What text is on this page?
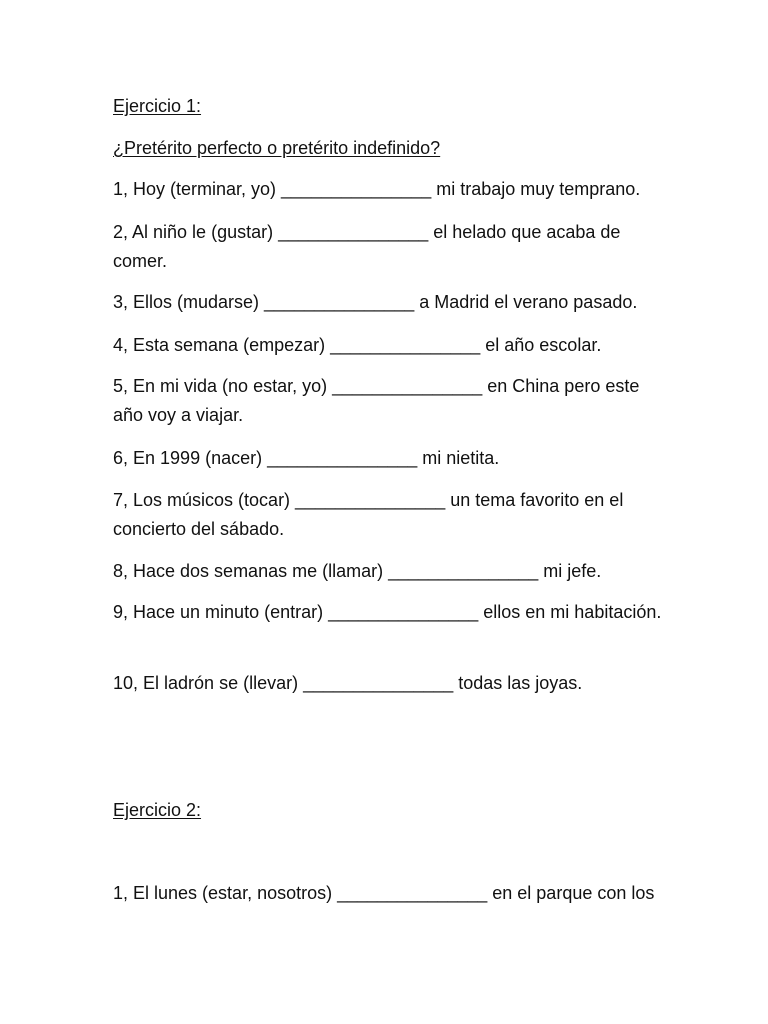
Ejercicio 1:

¿Pretérito perfecto o pretérito indefinido?

1, Hoy (terminar, yo) _______________ mi trabajo muy temprano.

2, Al niño le (gustar) _______________ el helado que acaba de comer.

3, Ellos (mudarse) _______________ a Madrid el verano pasado.

4, Esta semana (empezar) _______________ el año escolar.

5, En mi vida (no estar, yo) _______________ en China pero este año voy a viajar.

6, En 1999 (nacer) _______________ mi nietita.

7, Los músicos (tocar) _______________ un tema favorito en el concierto del sábado.

8, Hace dos semanas me (llamar) _______________ mi jefe.

9, Hace un minuto (entrar) _______________ ellos en mi habitación.

10, El ladrón se (llevar) _______________ todas las joyas.

Ejercicio 2:

1, El lunes (estar, nosotros) _______________ en el parque con los
